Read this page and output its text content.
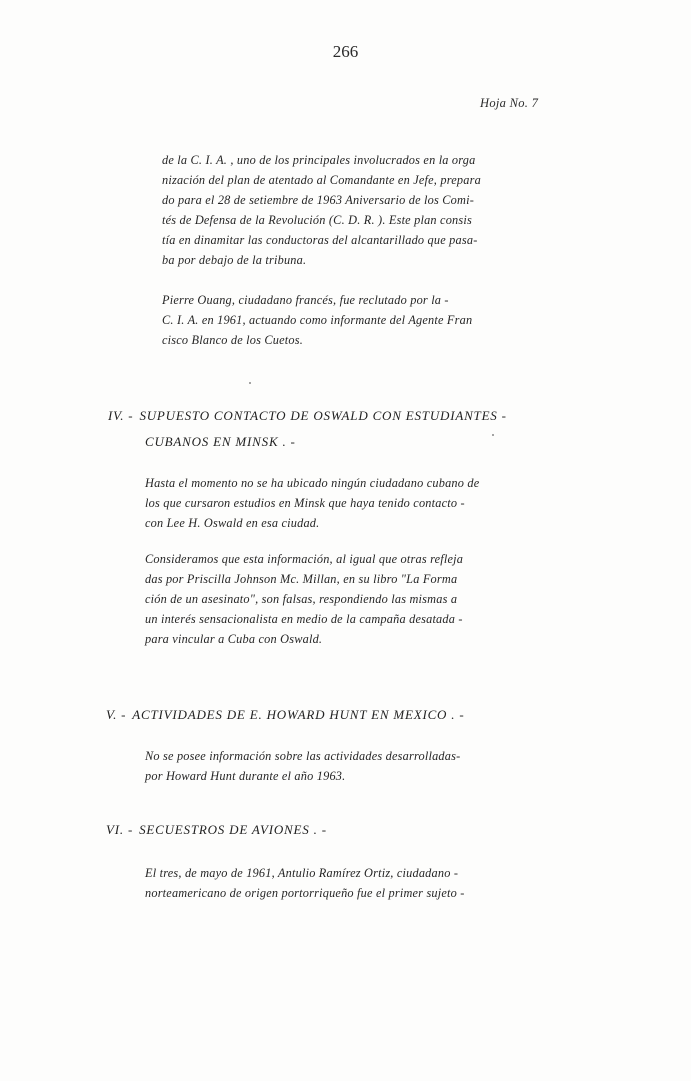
266
Hoja No. 7
de la C. I. A. , uno de los principales involucrados en la orga
nización del plan de atentado al Comandante en Jefe, prepara
do para el 28 de setiembre de 1963 Aniversario de los Comi-
tés de Defensa de la Revolución (C. D. R. ). Este plan consis
tía en dinamitar las conductoras del alcantarillado que pasa-
ba por debajo de la tribuna.
Pierre Ouang, ciudadano francés, fue reclutado por la -
C. I. A. en 1961, actuando como informante del Agente Fran
cisco Blanco de los Cuetos.
IV. - SUPUESTO CONTACTO DE OSWALD CON ESTUDIANTES -
CUBANOS EN MINSK . -
Hasta el momento no se ha ubicado ningún ciudadano cubano de
los que cursaron estudios en Minsk que haya tenido contacto -
con Lee H. Oswald en esa ciudad.
Consideramos que esta información, al igual que otras refleja
das por Priscilla Johnson Mc. Millan, en su libro "La Forma
ción de un asesinato", son falsas, respondiendo las mismas a
un interés sensacionalista en medio de la campaña desatada -
para vincular a Cuba con Oswald.
V. - ACTIVIDADES DE E. HOWARD HUNT EN MEXICO . -
No se posee información sobre las actividades desarrolladas-
por Howard Hunt durante el año 1963.
VI. - SECUESTROS DE AVIONES . -
El tres, de mayo de 1961, Antulio Ramírez Ortiz, ciudadano -
norteamericano de origen portorriqueño fue el primer sujeto -
